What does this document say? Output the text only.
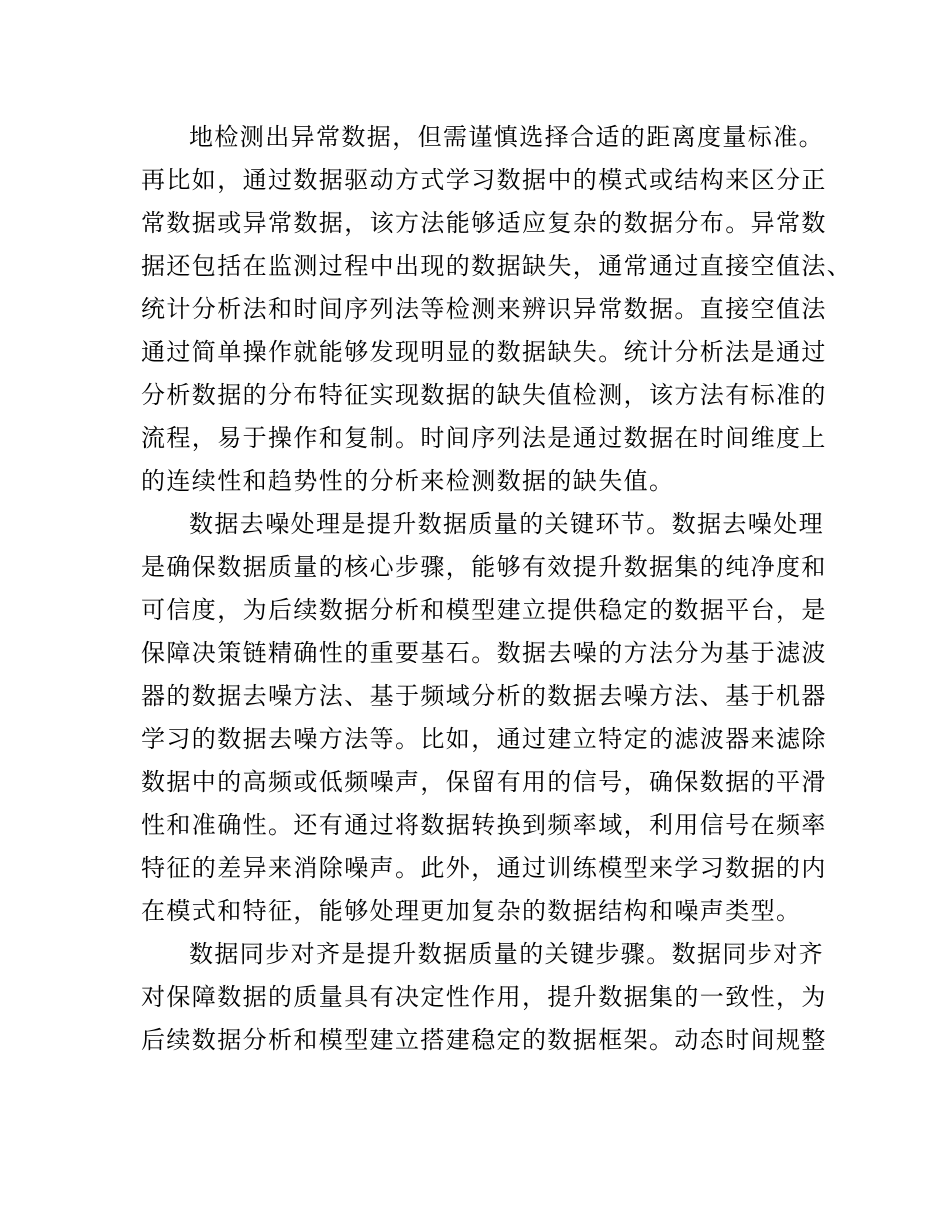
地检测出异常数据，但需谨慎选择合适的距离度量标准。
再比如，通过数据驱动方式学习数据中的模式或结构来区分正
常数据或异常数据，该方法能够适应复杂的数据分布。异常数
据还包括在监测过程中出现的数据缺失，通常通过直接空值法、
统计分析法和时间序列法等检测来辨识异常数据。直接空值法
通过简单操作就能够发现明显的数据缺失。统计分析法是通过
分析数据的分布特征实现数据的缺失值检测，该方法有标准的
流程，易于操作和复制。时间序列法是通过数据在时间维度上
的连续性和趋势性的分析来检测数据的缺失值。
数据去噪处理是提升数据质量的关键环节。数据去噪处理
是确保数据质量的核心步骤，能够有效提升数据集的纯净度和
可信度，为后续数据分析和模型建立提供稳定的数据平台，是
保障决策链精确性的重要基石。数据去噪的方法分为基于滤波
器的数据去噪方法、基于频域分析的数据去噪方法、基于机器
学习的数据去噪方法等。比如，通过建立特定的滤波器来滤除
数据中的高频或低频噪声，保留有用的信号，确保数据的平滑
性和准确性。还有通过将数据转换到频率域，利用信号在频率
特征的差异来消除噪声。此外，通过训练模型来学习数据的内
在模式和特征，能够处理更加复杂的数据结构和噪声类型。
数据同步对齐是提升数据质量的关键步骤。数据同步对齐
对保障数据的质量具有决定性作用，提升数据集的一致性，为
后续数据分析和模型建立搭建稳定的数据框架。动态时间规整
